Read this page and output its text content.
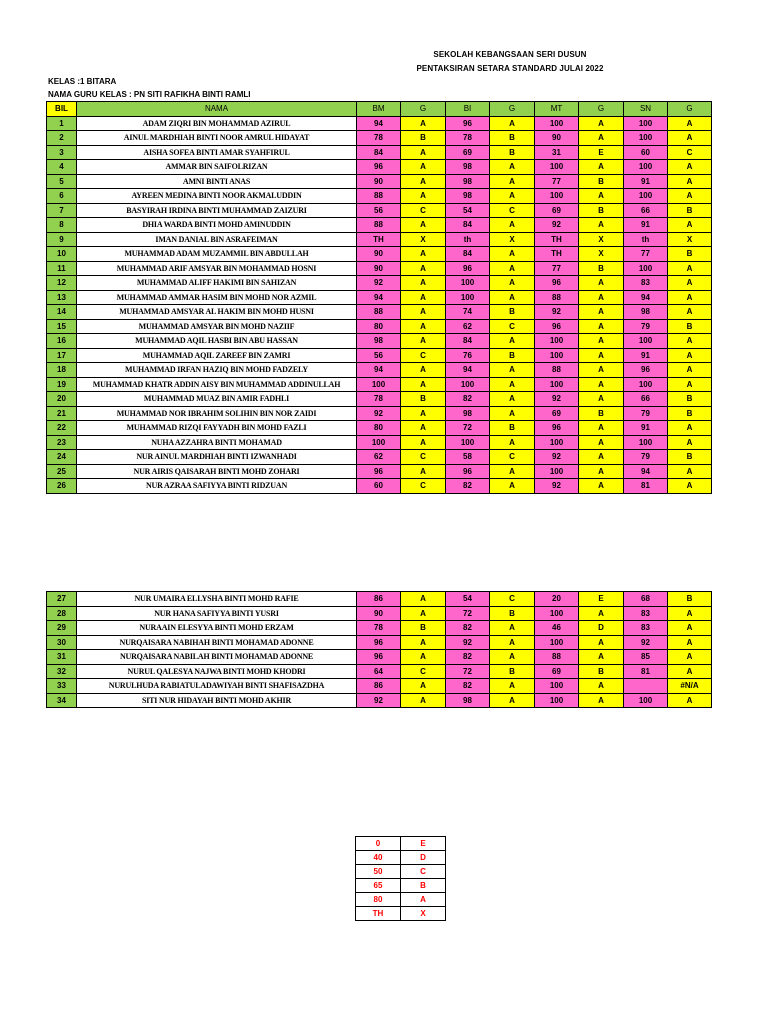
SEKOLAH KEBANGSAAN SERI DUSUN
PENTAKSIRAN SETARA STANDARD JULAI 2022
KELAS :1 BITARA
NAMA GURU KELAS : PN SITI RAFIKHA BINTI RAMLI
BIL	NAMA	BM	G	BI	G	MT	G	SN	G
1	ADAM ZIQRI BIN MOHAMMAD AZIRUL	94	A	96	A	100	A	100	A
2	AINUL MARDHIAH BINTI NOOR AMRUL HIDAYAT	78	B	78	B	90	A	100	A
3	AISHA SOFEA BINTI AMAR SYAHFIRUL	84	A	69	B	31	E	60	C
4	AMMAR BIN SAIFOLRIZAN	96	A	98	A	100	A	100	A
5	AMNI BINTI ANAS	90	A	98	A	77	B	91	A
6	AYREEN MEDINA BINTI NOOR AKMALUDDIN	88	A	98	A	100	A	100	A
7	BASYIRAH IRDINA BINTI MUHAMMAD ZAIZURI	56	C	54	C	69	B	66	B
8	DHIA WARDA BINTI MOHD AMINUDDIN	88	A	84	A	92	A	91	A
9	IMAN DANIAL BIN ASRAFEIMAN	TH	X	th	X	TH	X	th	X
10	MUHAMMAD ADAM MUZAMMIL BIN ABDULLAH	90	A	84	A	TH	X	77	B
11	MUHAMMAD ARIF AMSYAR BIN MOHAMMAD HOSNI	90	A	96	A	77	B	100	A
12	MUHAMMAD ALIFF HAKIMI BIN SAHIZAN	92	A	100	A	96	A	83	A
13	MUHAMMAD AMMAR HASIM BIN MOHD NOR AZMIL	94	A	100	A	88	A	94	A
14	MUHAMMAD AMSYAR AL HAKIM BIN MOHD HUSNI	88	A	74	B	92	A	98	A
15	MUHAMMAD AMSYAR BIN MOHD NAZIIF	80	A	62	C	96	A	79	B
16	MUHAMMAD AQIL HASBI BIN ABU HASSAN	98	A	84	A	100	A	100	A
17	MUHAMMAD AQIL ZAREEF BIN ZAMRI	56	C	76	B	100	A	91	A
18	MUHAMMAD IRFAN HAZIQ BIN MOHD FADZELY	94	A	94	A	88	A	96	A
19	MUHAMMAD KHATR ADDIN AISY BIN MUHAMMAD ADDINULLAH	100	A	100	A	100	A	100	A
20	MUHAMMAD MUAZ BIN AMIR FADHLI	78	B	82	A	92	A	66	B
21	MUHAMMAD NOR IBRAHIM SOLIHIN BIN NOR ZAIDI	92	A	98	A	69	B	79	B
22	MUHAMMAD RIZQI FAYYADH BIN MOHD FAZLI	80	A	72	B	96	A	91	A
23	NUHA AZZAHRA BINTI MOHAMAD	100	A	100	A	100	A	100	A
24	NUR AINUL MARDHIAH BINTI IZWANHADI	62	C	58	C	92	A	79	B
25	NUR AIRIS QAISARAH BINTI MOHD ZOHARI	96	A	96	A	100	A	94	A
26	NUR AZRAA SAFIYYA BINTI RIDZUAN	60	C	82	A	92	A	81	A
27	NUR UMAIRA ELLYSHA BINTI MOHD RAFIE	86	A	54	C	20	E	68	B
28	NUR HANA SAFIYYA BINTI YUSRI	90	A	72	B	100	A	83	A
29	NURAAIN ELESYYA BINTI MOHD ERZAM	78	B	82	A	46	D	83	A
30	NURQAISARA NABIHAH BINTI MOHAMAD ADONNE	96	A	92	A	100	A	92	A
31	NURQAISARA NABILAH BINTI MOHAMAD ADONNE	96	A	82	A	88	A	85	A
32	NURUL QALESYA NAJWA BINTI MOHD KHODRI	64	C	72	B	69	B	81	A
33	NURULHUDA RABIATULADAWIYAH BINTI SHAFISAZDHA	86	A	82	A	100	A		#N/A
34	SITI NUR HIDAYAH BINTI MOHD AKHIR	92	A	98	A	100	A	100	A
0	E
40	D
50	C
65	B
80	A
TH	X
